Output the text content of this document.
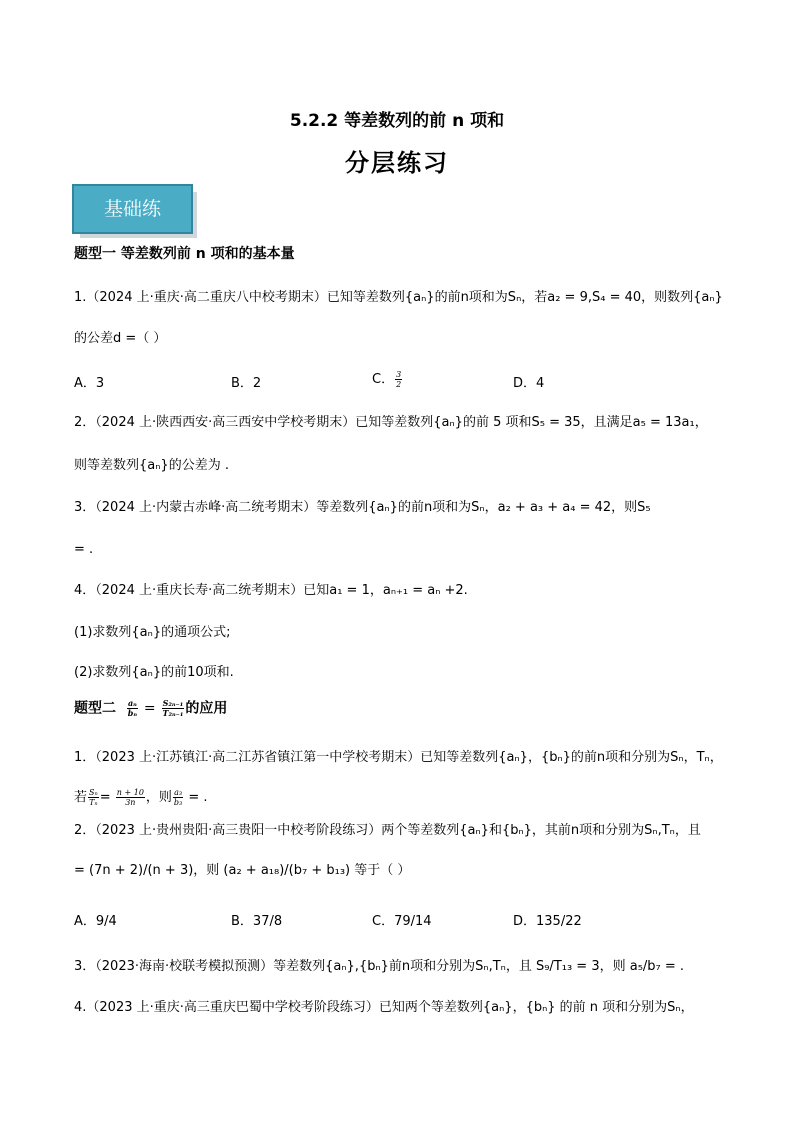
5.2.2 等差数列的前 n 项和
分层练习
基础练
题型一 等差数列前 n 项和的基本量
1.（2024 上·重庆·高二重庆八中校考期末）已知等差数列{aₙ}的前n项和为Sₙ，若a₂ = 9,S₄ = 40，则数列{aₙ}
的公差d =（ ）
A．3	B．2	C． $\frac{3}{2}$	D．4
2．（2024 上·陕西西安·高三西安中学校考期末）已知等差数列{aₙ}的前 5 项和S₅ = 35，且满足a₅ = 13a₁，
则等差数列{aₙ}的公差为 .
3．（2024 上·内蒙古赤峰·高二统考期末）等差数列{aₙ}的前n项和为Sₙ，a₂ + a₃ + a₄ = 42，则S₅
= .
4．（2024 上·重庆长寿·高二统考期末）已知a₁ = 1，aₙ₊₁ = aₙ +2.
(1)求数列{aₙ}的通项公式;
(2)求数列{aₙ}的前10项和.
题型二 $\frac{\text{aₙ}}{\text{bₙ}} = \frac{\text{S₂ₙ₋₁}}{\text{T₂ₙ₋₁}}$ 的应用
1．（2023 上·江苏镇江·高二江苏省镇江第一中学校考期末）已知等差数列{aₙ}，{bₙ}的前n项和分别为Sₙ，Tₙ，
若 $\frac{\text{Sₙ}}{\text{Tₙ}} = \frac{n + 10}{3n}$ ，则 $\frac{\text{a₃}}{\text{b₃}}$ = .
2．（2023 上·贵州贵阳·高三贵阳一中校考阶段练习）两个等差数列{aₙ}和{bₙ}，其前n项和分别为Sₙ,Tₙ，且
= (7n + 2)/(n + 3)，则 (a₂ + a₁₈)/(b₇ + b₁₃) 等于（ ）
A．9/4	B．37/8	C．79/14	D．135/22
3．（2023·海南·校联考模拟预测）等差数列{aₙ},{bₙ}前n项和分别为Sₙ,Tₙ，且 S₉/T₁₃ = 3，则 a₅/b₇ = .
4.（2023 上·重庆·高三重庆巴蜀中学校考阶段练习）已知两个等差数列{aₙ}，{bₙ} 的前 n 项和分别为Sₙ，
